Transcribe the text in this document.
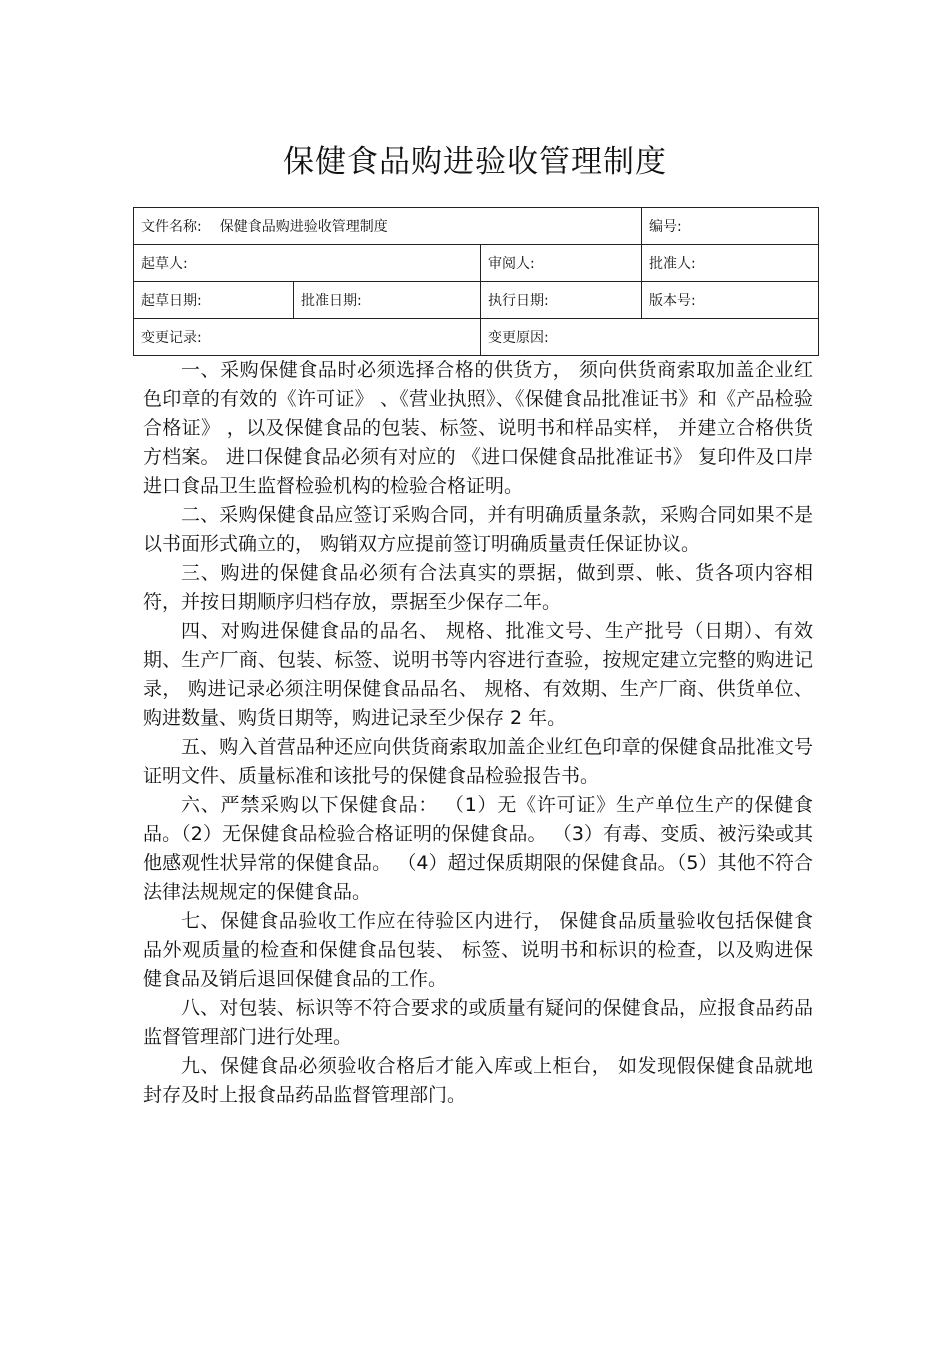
保健食品购进验收管理制度
文件名称: 保健食品购进验收管理制度			编号:
起草人:		审阅人:	批准人:
起草日期:	批准日期:	执行日期:	版本号:
变更记录:		变更原因:	

一、采购保健食品时必须选择合格的供货方， 须向供货商索取加盖企业红色印章的有效的《许可证》 、《营业执照》、《保健食品批准证书》和《产品检验合格证》 ，以及保健食品的包装、标签、说明书和样品实样， 并建立合格供货方档案。 进口保健食品必须有对应的 《进口保健食品批准证书》 复印件及口岸进口食品卫生监督检验机构的检验合格证明。

二、采购保健食品应签订采购合同，并有明确质量条款，采购合同如果不是以书面形式确立的， 购销双方应提前签订明确质量责任保证协议。

三、购进的保健食品必须有合法真实的票据，做到票、帐、货各项内容相符，并按日期顺序归档存放，票据至少保存二年。

四、对购进保健食品的品名、 规格、批准文号、生产批号（日期）、有效期、生产厂商、包装、标签、说明书等内容进行查验，按规定建立完整的购进记录， 购进记录必须注明保健食品品名、 规格、有效期、生产厂商、供货单位、购进数量、购货日期等，购进记录至少保存 2 年。

五、购入首营品种还应向供货商索取加盖企业红色印章的保健食品批准文号证明文件、质量标准和该批号的保健食品检验报告书。

六、严禁采购以下保健食品： （1）无《许可证》生产单位生产的保健食品。（2）无保健食品检验合格证明的保健食品。 （3）有毒、变质、被污染或其他感观性状异常的保健食品。 （4）超过保质期限的保健食品。（5）其他不符合法律法规规定的保健食品。

七、保健食品验收工作应在待验区内进行， 保健食品质量验收包括保健食品外观质量的检查和保健食品包装、 标签、说明书和标识的检查，以及购进保健食品及销后退回保健食品的工作。

八、对包装、标识等不符合要求的或质量有疑问的保健食品，应报食品药品监督管理部门进行处理。

九、保健食品必须验收合格后才能入库或上柜台， 如发现假保健食品就地封存及时上报食品药品监督管理部门。
